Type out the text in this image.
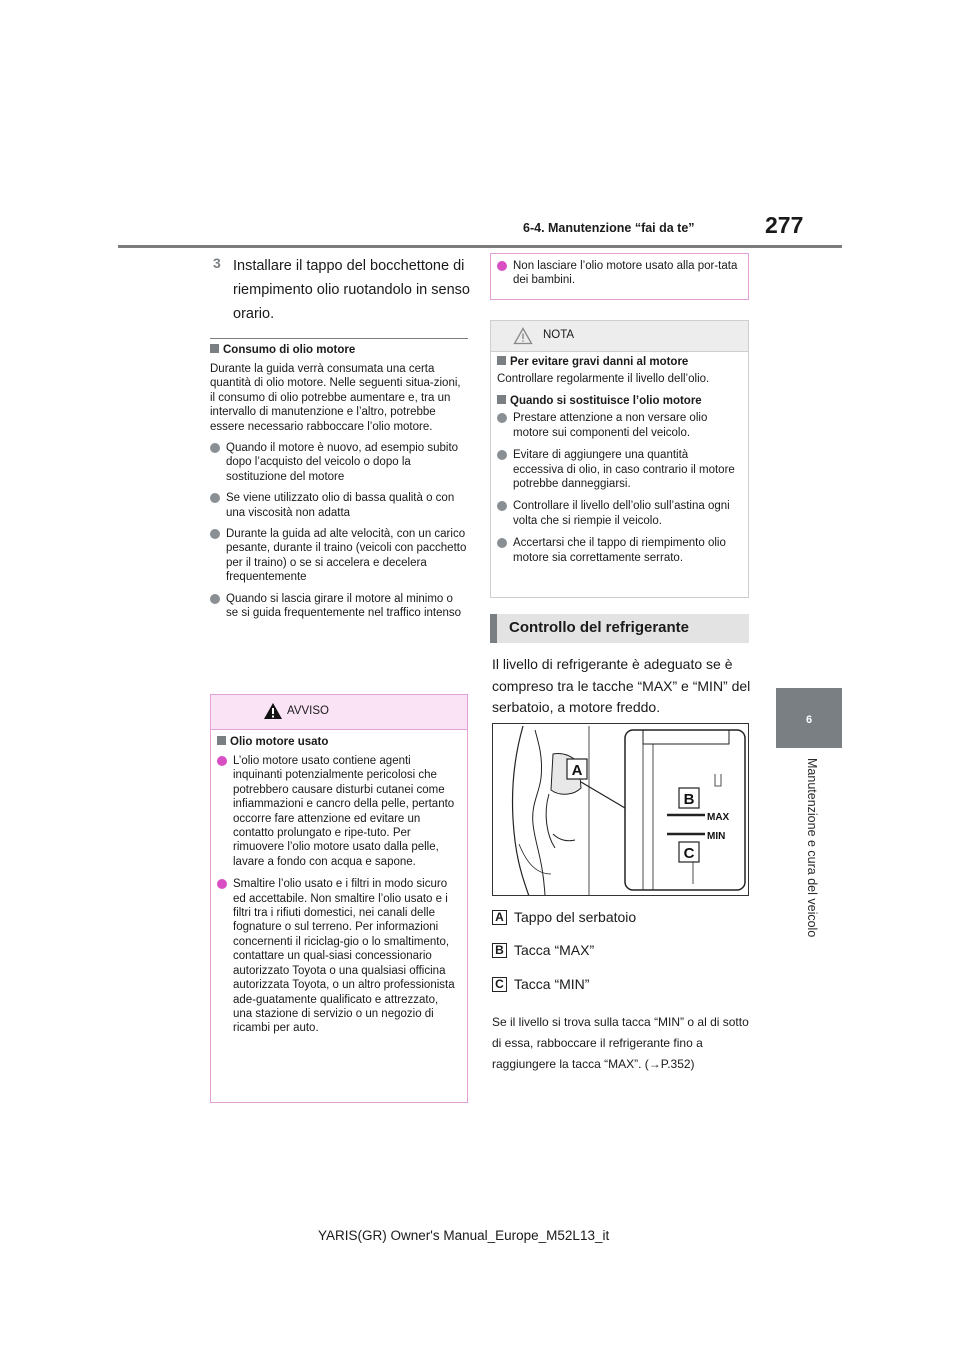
6-4. Manutenzione “fai da te”	277
6
Manutenzione e cura del veicolo
3 Installare il tappo del bocchettone di riempimento olio ruotandolo in senso orario.
Consumo di olio motore
Durante la guida verrà consumata una certa quantità di olio motore. Nelle seguenti situa-zioni, il consumo di olio potrebbe aumentare e, tra un intervallo di manutenzione e l’altro, potrebbe essere necessario rabboccare l’olio motore.
Quando il motore è nuovo, ad esempio subito dopo l’acquisto del veicolo o dopo la sostituzione del motore
Se viene utilizzato olio di bassa qualità o con una viscosità non adatta
Durante la guida ad alte velocità, con un carico pesante, durante il traino (veicoli con pacchetto per il traino) o se si accelera e decelera frequentemente
Quando si lascia girare il motore al minimo o se si guida frequentemente nel traffico intenso
AVVISO
Olio motore usato
L’olio motore usato contiene agenti inquinanti potenzialmente pericolosi che potrebbero causare disturbi cutanei come infiammazioni e cancro della pelle, pertanto occorre fare attenzione ed evitare un contatto prolungato e ripe-tuto. Per rimuovere l’olio motore usato dalla pelle, lavare a fondo con acqua e sapone.
Smaltire l’olio usato e i filtri in modo sicuro ed accettabile. Non smaltire l’olio usato e i filtri tra i rifiuti domestici, nei canali delle fognature o sul terreno. Per informazioni concernenti il riciclag-gio o lo smaltimento, contattare un qual-siasi concessionario autorizzato Toyota o una qualsiasi officina autorizzata Toyota, o un altro professionista ade-guatamente qualificato e attrezzato, una stazione di servizio o un negozio di ricambi per auto.
Non lasciare l’olio motore usato alla por-tata dei bambini.
NOTA
Per evitare gravi danni al motore
Controllare regolarmente il livello dell’olio.
Quando si sostituisce l’olio motore
Prestare attenzione a non versare olio motore sui componenti del veicolo.
Evitare di aggiungere una quantità eccessiva di olio, in caso contrario il motore potrebbe danneggiarsi.
Controllare il livello dell’olio sull’astina ogni volta che si riempie il veicolo.
Accertarsi che il tappo di riempimento olio motore sia correttamente serrato.
Controllo del refrigerante
Il livello di refrigerante è adeguato se è compreso tra le tacche “MAX” e “MIN” del serbatoio, a motore freddo.
A
MAX
MIN
B
C
A Tappo del serbatoio
B Tacca “MAX”
C Tacca “MIN”
Se il livello si trova sulla tacca “MIN” o al di sotto di essa, rabboccare il refrigerante fino a raggiungere la tacca “MAX”. (→P.352)
YARIS(GR) Owner's Manual_Europe_M52L13_it
